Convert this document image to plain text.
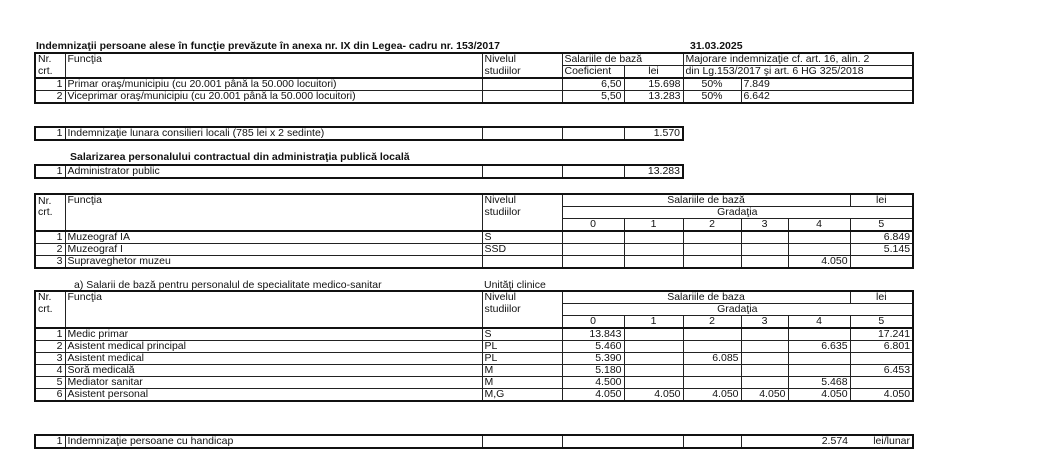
Indemnizaţii persoane alese în funcţie prevăzute în anexa nr. IX din Legea- cadru nr. 153/2017	31.03.2025
Nr.	Funcţia	Nivelul	Salariile de bază		Majorare indemnizaţie cf. art. 16, alin. 2	
crt.		studiilor	Coeficient	lei	din Lg.153/2017 şi art. 6 HG 325/2018	
1	Primar oraş/municipiu (cu 20.001 până la 50.000 locuitori)		6,50	15.698	50%	7.849
2	Viceprimar oraş/municipiu (cu 20.001 până la 50.000 locuitori)		5,50	13.283	50%	6.642
1	Indemnizaţie lunara consilieri locali (785 lei x 2 sedinte)			1.570
Salarizarea personalului contractual din administraţia publică locală
1	Administrator public			13.283
Nr.	Funcţia	Nivelul	Salariile de bază					lei
crt.		studiilor	Gradaţia					
			0	1	2	3	4	5
1	Muzeograf IA	S						6.849
2	Muzeograf I	SSD						5.145
3	Supraveghetor muzeu						4.050	
a) Salarii de bază pentru personalul de specialitate medico-sanitar	Unităţi clinice
Nr.	Funcţia	Nivelul	Salariile de baza					lei
crt.		studiilor	Gradaţia					
			0	1	2	3	4	5
1	Medic primar	S	13.843					17.241
2	Asistent medical principal	PL	5.460				6.635	6.801
3	Asistent medical	PL	5.390		6.085			
4	Soră medicală	M	5.180					6.453
5	Mediator sanitar	M	4.500				5.468	
6	Asistent personal	M,G	4.050	4.050	4.050	4.050	4.050	4.050
1	Indemnizaţie persoane cu handicap				2.574	lei/lunar
